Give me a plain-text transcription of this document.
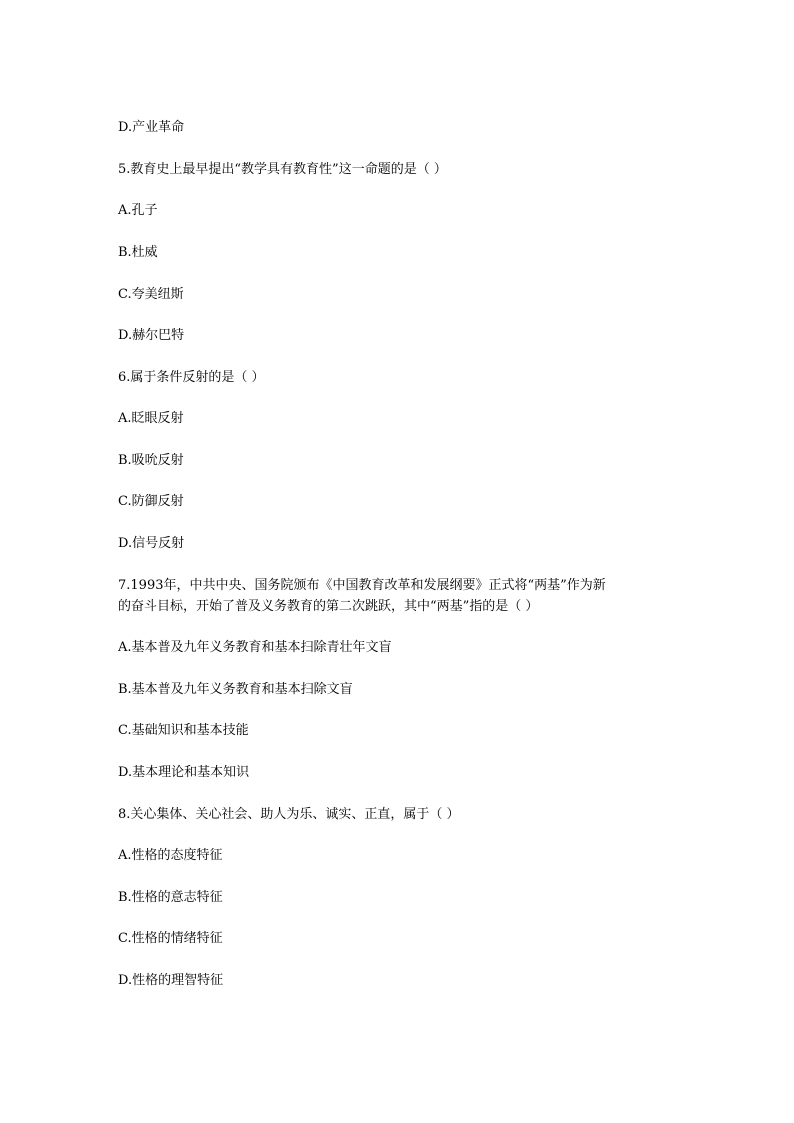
D.产业革命
5.教育史上最早提出“教学具有教育性”这一命题的是（ ）
A.孔子
B.杜威
C.夸美纽斯
D.赫尔巴特
6.属于条件反射的是（ ）
A.眨眼反射
B.吸吮反射
C.防御反射
D.信号反射
7.1993年，中共中央、国务院颁布《中国教育改革和发展纲要》正式将“两基”作为新
的奋斗目标，开始了普及义务教育的第二次跳跃，其中“两基”指的是（ ）
A.基本普及九年义务教育和基本扫除青壮年文盲
B.基本普及九年义务教育和基本扫除文盲
C.基础知识和基本技能
D.基本理论和基本知识
8.关心集体、关心社会、助人为乐、诚实、正直，属于（ ）
A.性格的态度特征
B.性格的意志特征
C.性格的情绪特征
D.性格的理智特征
